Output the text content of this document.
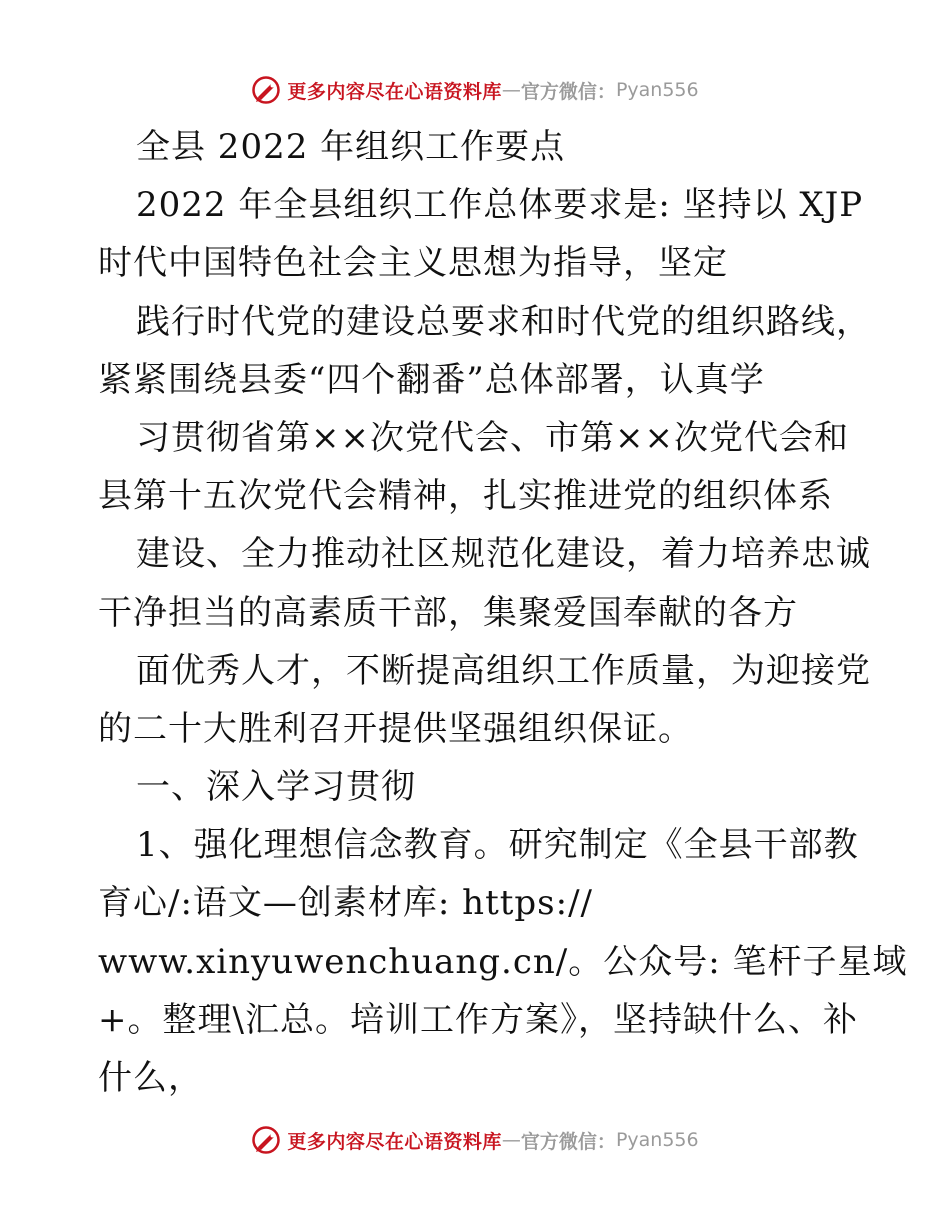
更多内容尽在心语资料库 — 官方微信： Pyan556
全县 2022 年组织工作要点
2022 年全县组织工作总体要求是: 坚持以 XJP
时代中国特色社会主义思想为指导，坚定
践行时代党的建设总要求和时代党的组织路线，
紧紧围绕县委“四个翻番”总体部署，认真学
习贯彻省第××次党代会、市第××次党代会和
县第十五次党代会精神，扎实推进党的组织体系
建设、全力推动社区规范化建设，着力培养忠诚
干净担当的高素质干部，集聚爱国奉献的各方
面优秀人才，不断提高组织工作质量，为迎接党
的二十大胜利召开提供坚强组织保证。
一、深入学习贯彻
1、强化理想信念教育。研究制定《全县干部教
育心/:语文—创素材库: https://
www.xinyuwenchuang.cn/。公众号: 笔杆子星域
+。整理\汇总。培训工作方案》，坚持缺什么、补
什么，
更多内容尽在心语资料库 — 官方微信： Pyan556
